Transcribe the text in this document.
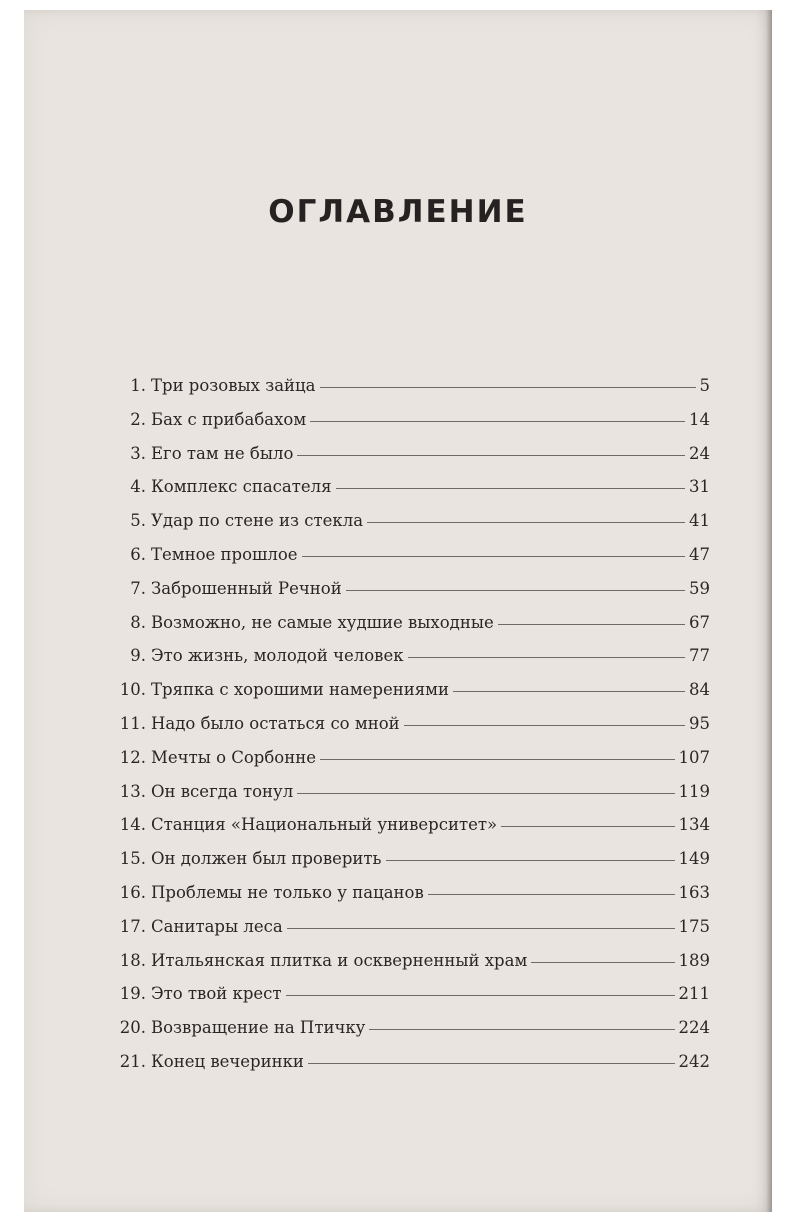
ОГЛАВЛЕНИЕ
1. Три розовых зайца	5
2. Бах с прибабахом	14
3. Его там не было	24
4. Комплекс спасателя	31
5. Удар по стене из стекла	41
6. Темное прошлое	47
7. Заброшенный Речной	59
8. Возможно, не самые худшие выходные	67
9. Это жизнь, молодой человек	77
10. Тряпка с хорошими намерениями	84
11. Надо было остаться со мной	95
12. Мечты о Сорбонне	107
13. Он всегда тонул	119
14. Станция «Национальный университет»	134
15. Он должен был проверить	149
16. Проблемы не только у пацанов	163
17. Санитары леса	175
18. Итальянская плитка и оскверненный храм	189
19. Это твой крест	211
20. Возвращение на Птичку	224
21. Конец вечеринки	242
